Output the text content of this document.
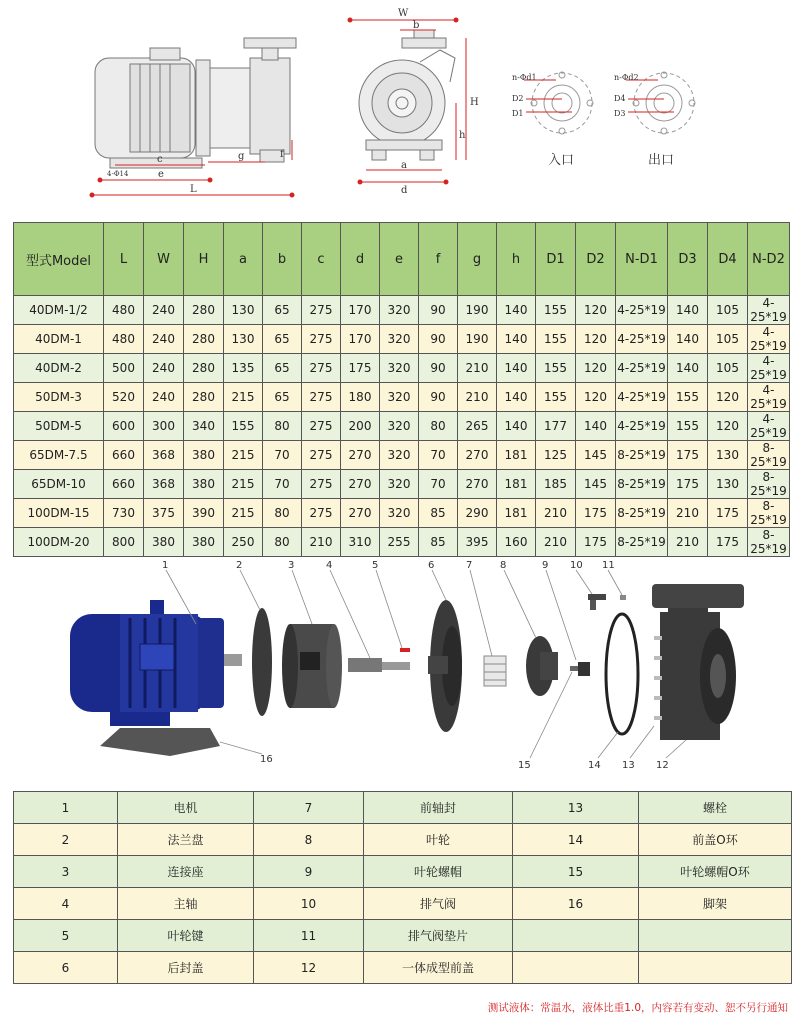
c
4-Φ14	e
g	f
L
W
b
H
h
a
d
n-Φd1
D2
D1
入口
n-Φd2
D4
D3
出口
型式Model	L	W	H	a	b	c	d	e	f	g	h	D1	D2	N-D1	D3	D4	N-D2
40DM-1/2	480	240	280	130	65	275	170	320	90	190	140	155	120	4-25*19	140	105	4-25*19
40DM-1	480	240	280	130	65	275	170	320	90	190	140	155	120	4-25*19	140	105	4-25*19
40DM-2	500	240	280	135	65	275	175	320	90	210	140	155	120	4-25*19	140	105	4-25*19
50DM-3	520	240	280	215	65	275	180	320	90	210	140	155	120	4-25*19	155	120	4-25*19
50DM-5	600	300	340	155	80	275	200	320	80	265	140	177	140	4-25*19	155	120	4-25*19
65DM-7.5	660	368	380	215	70	275	270	320	70	270	181	125	145	8-25*19	175	130	8-25*19
65DM-10	660	368	380	215	70	275	270	320	70	270	181	185	145	8-25*19	175	130	8-25*19
100DM-15	730	375	390	215	80	275	270	320	85	290	181	210	175	8-25*19	210	175	8-25*19
100DM-20	800	380	380	250	80	210	310	255	85	395	160	210	175	8-25*19	210	175	8-25*19
1	2	3	4	5	6	7	8	9 10 11
12
13
14
15
16
1	电机	7	前轴封	13	螺栓
2	法兰盘	8	叶轮	14	前盖O环
3	连接座	9	叶轮螺帽	15	叶轮螺帽O环
4	主轴	10	排气阀	16	脚架
5	叶轮键	11	排气阀垫片		
6	后封盖	12	一体成型前盖		
测试液体：常温水，液体比重1.0，内容若有变动、恕不另行通知
